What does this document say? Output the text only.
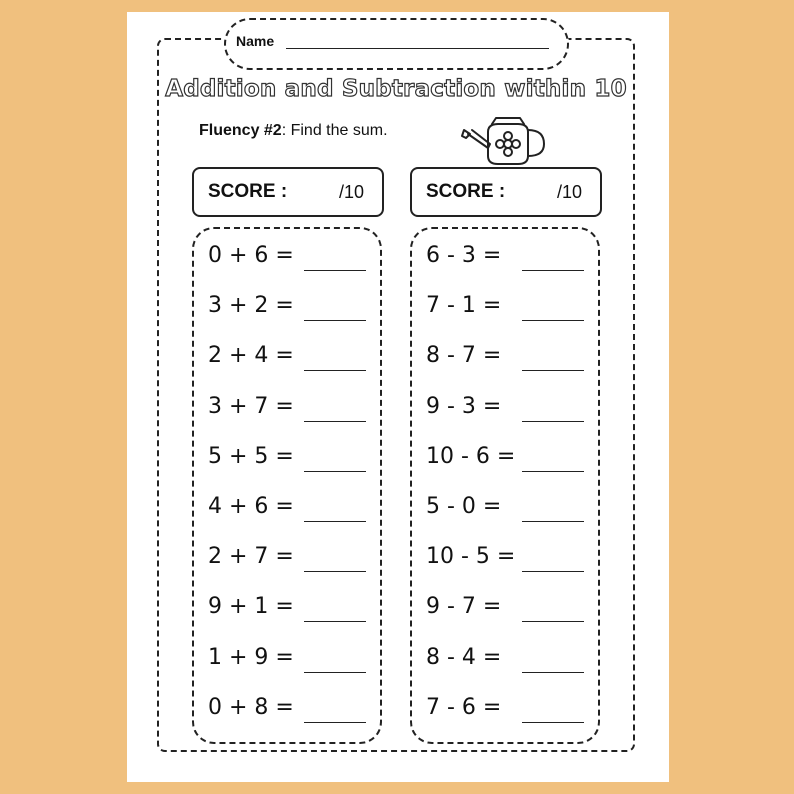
Name
Addition and Subtraction within 10
Fluency #2: Find the sum.
SCORE :	/10	SCORE :	/10
0 + 6 =
3 + 2 =
2 + 4 =
3 + 7 =
5 + 5 =
4 + 6 =
2 + 7 =
9 + 1 =
1 + 9 =
0 + 8 =
6 - 3 =
7 - 1 =
8 - 7 =
9 - 3 =
10 - 6 =
5 - 0 =
10 - 5 =
9 - 7 =
8 - 4 =
7 - 6 =
